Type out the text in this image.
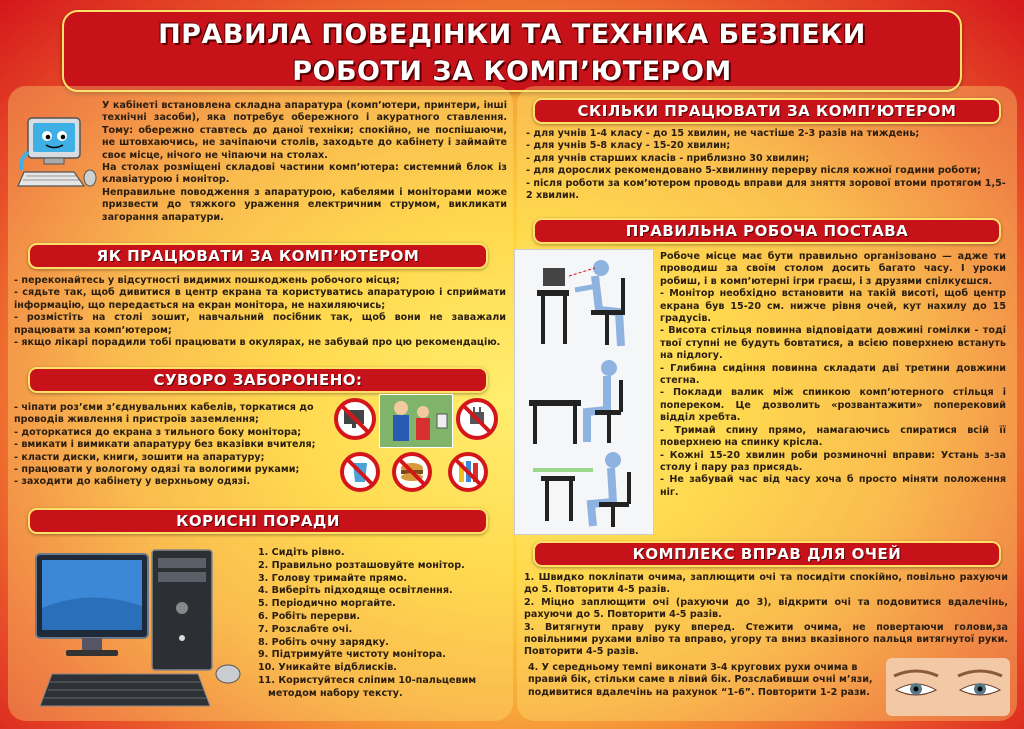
ПРАВИЛА ПОВЕДІНКИ ТА ТЕХНІКА БЕЗПЕКИ
РОБОТИ ЗА КОМП’ЮТЕРОМ

У кабінеті встановлена складна апаратура (комп’ютери, принтери, інші технічні засоби), яка потребує обережного і акуратного ставлення. Тому: обережно ставтесь до даної техніки; спокійно, не поспішаючи, не штовхаючись, не зачіпаючи столів, заходьте до кабінету і займайте своє місце, нічого не чіпаючи на столах.

На столах розміщені складові частини комп’ютера: системний блок із клавіатурою і монітор.

Неправильне поводження з апаратурою, кабелями і моніторами може призвести до тяжкого ураження електричним струмом, викликати загорання апаратури.

ЯК ПРАЦЮВАТИ ЗА КОМП’ЮТЕРОМ

- переконайтесь у відсутності видимих пошкоджень робочого місця;

- сядьте так, щоб дивитися в центр екрана та користуватись апаратурою і сприймати інформацію, що передається на екран монітора, не нахиляючись;

- розмістіть на столі зошит, навчальний посібник так, щоб вони не заважали працювати за комп’ютером;

- якщо лікарі порадили тобі працювати в окулярах, не забувай про цю рекомендацію.

СУВОРО ЗАБОРОНЕНО:

- чіпати роз’єми з’єднувальних кабелів, торкатися до проводів живлення і пристроїв заземлення;

- доторкатися до екрана з тильного боку монітора;

- вмикати і вимикати апаратуру без вказівки вчителя;

- класти диски, книги, зошити на апаратуру;

- працювати у вологому одязі та вологими руками;

- заходити до кабінету у верхньому одязі.

КОРИСНІ ПОРАДИ

1. Сидіть рівно.

2. Правильно розташовуйте монітор.

3. Голову тримайте прямо.

4. Виберіть підходяще освітлення.

5. Періодично моргайте.

6. Робіть перерви.

7. Розслабте очі.

8. Робіть очну зарядку.

9. Підтримуйте чистоту монітора.

10. Уникайте відблисків.

11. Користуйтеся сліпим 10-пальцевим методом набору тексту.

СКІЛЬКИ ПРАЦЮВАТИ ЗА КОМП’ЮТЕРОМ

- для учнів 1-4 класу - до 15 хвилин, не частіше 2-3 разів на тиждень;

- для учнів 5-8 класу - 15-20 хвилин;

- для учнів старших класів - приблизно 30 хвилин;

- для дорослих рекомендовано 5-хвилинну перерву після кожної години роботи;

- після роботи за ком’ютером проводь вправи для зняття зорової втоми протягом 1,5-2 хвилин.

ПРАВИЛЬНА РОБОЧА ПОСТАВА

Робоче місце має бути правильно організовано — адже ти проводиш за своїм столом досить багато часу. І уроки робиш, і в комп’ютерні ігри граєш, і з друзями спілкуєшся.

- Монітор необхідно встановити на такій висоті, щоб центр екрана був 15-20 см. нижче рівня очей, кут нахилу до 15 градусів.

- Висота стільця повинна відповідати довжині гомілки - тоді твої ступні не будуть бовтатися, а всією поверхнею встануть на підлогу.

- Глибина сидіння повинна складати дві третини довжини стегна.

- Поклади валик між спинкою комп’ютерного стільця і попереком. Це дозволить «розвантажити» поперековий відділ хребта.

- Тримай спину прямо, намагаючись спиратися всій її поверхнею на спинку крісла.

- Кожні 15-20 хвилин роби розминочні вправи: Устань з-за столу і пару раз присядь.

- Не забувай час від часу хоча б просто міняти положення ніг.

КОМПЛЕКС ВПРАВ ДЛЯ ОЧЕЙ

1. Швидко покліпати очима, заплющити очі та посидіти спокійно, повільно рахуючи до 5. Повторити 4-5 разів.

2. Міцно заплющити очі (рахуючи до 3), відкрити очі та подовитися вдалечінь, рахуючи до 5. Повторити 4-5 разів.

3. Витягнути праву руку вперед. Стежити очима, не повертаючи голови,за повільними рухами вліво та вправо, угору та вниз вказівного пальця витягнутої руки. Повторити 4-5 разів.

4. У середньому темпі виконати 3-4 кругових рухи очима в правий бік, стільки саме в лівий бік. Розслабивши очні м’язи, подивитися вдалечінь на рахунок “1-6”. Повторити 1-2 рази.
